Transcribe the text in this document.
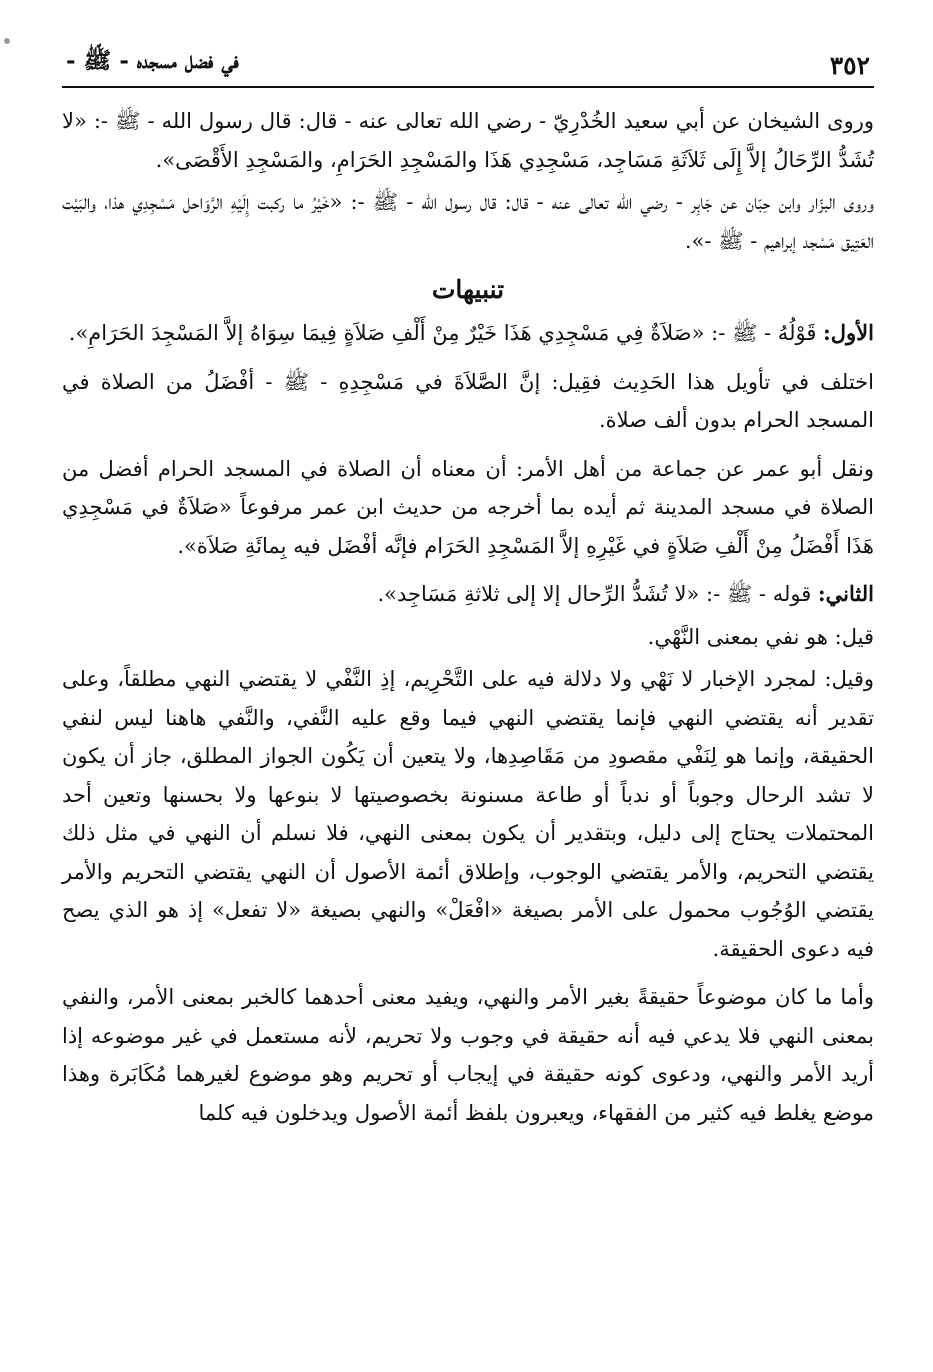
٣٥٢
في فضل مسجده - ﷺ -

وروى الشيخان عن أبي سعيد الخُدْرِيّ - رضي الله تعالى عنه - قال: قال رسول الله - ﷺ -: «لا تُشَدُّ الرِّحَالُ إلاَّ إِلَى ثَلاَثَةِ مَسَاجِد، مَسْجِدِي هَذَا والمَسْجِدِ الحَرَامِ، والمَسْجِدِ الأَقْصَى».

وروى البزّار وابن حِبّان عن جَابِر - رضي الله تعالى عنه - قال: قال رسول الله - ﷺ -: «خَيْرُ ما ركبت إِلَيْهِ الرَّوَاحل مَسْجِدِي هذا، والبَيْت العَتِيق مَسْجد إبراهيم - ﷺ -».

تنبيهات

الأول: قَوْلُهُ - ﷺ -: «صَلاَةٌ فِي مَسْجِدِي هَذَا خَيْرٌ مِنْ أَلْفِ صَلاَةٍ فِيمَا سِوَاهُ إلاَّ المَسْجِدَ الحَرَامِ».

اختلف في تأويل هذا الحَدِيث فقِيل: إنَّ الصَّلاَةَ في مَسْجِدِهِ - ﷺ - أفْضَلُ من الصلاة في المسجد الحرام بدون ألف صلاة.

ونقل أبو عمر عن جماعة من أهل الأمر: أن معناه أن الصلاة في المسجد الحرام أفضل من الصلاة في مسجد المدينة ثم أيده بما أخرجه من حديث ابن عمر مرفوعاً «صَلاَةٌ في مَسْجِدِي هَذَا أَفْضَلُ مِنْ أَلْفِ صَلاَةٍ في غَيْرِهِ إلاَّ المَسْجِدِ الحَرَام فإنَّه أفْضَل فيه بِمائَةِ صَلاَة».

الثاني: قوله - ﷺ -: «لا تُشَدُّ الرِّحال إلا إلى ثلاثةِ مَسَاجِد».

قيل: هو نفي بمعنى النَّهْي.

وقيل: لمجرد الإخبار لا نَهْي ولا دلالة فيه على التَّحْرِيم، إذِ النَّفْي لا يقتضي النهي مطلقاً، وعلى تقدير أنه يقتضي النهي فإنما يقتضي النهي فيما وقع عليه النَّفي، والنَّفي هاهنا ليس لنفي الحقيقة، وإنما هو لِنَفْي مقصودِ من مَقَاصِدِها، ولا يتعين أن يَكُون الجواز المطلق، جاز أن يكون لا تشد الرحال وجوباً أو ندباً أو طاعة مسنونة بخصوصيتها لا بنوعها ولا بحسنها وتعين أحد المحتملات يحتاج إلى دليل، وبتقدير أن يكون بمعنى النهي، فلا نسلم أن النهي في مثل ذلك يقتضي التحريم، والأمر يقتضي الوجوب، وإطلاق أئمة الأصول أن النهي يقتضي التحريم والأمر يقتضي الوُجُوب محمول على الأمر بصيغة «افْعَلْ» والنهي بصيغة «لا تفعل» إذ هو الذي يصح فيه دعوى الحقيقة.

وأما ما كان موضوعاً حقيقةً بغير الأمر والنهي، ويفيد معنى أحدهما كالخبر بمعنى الأمر، والنفي بمعنى النهي فلا يدعي فيه أنه حقيقة في وجوب ولا تحريم، لأنه مستعمل في غير موضوعه إذا أريد الأمر والنهي، ودعوى كونه حقيقة في إيجاب أو تحريم وهو موضوع لغيرهما مُكَابَرة وهذا موضع يغلط فيه كثير من الفقهاء، ويعبرون بلفظ أئمة الأصول ويدخلون فيه كلما
